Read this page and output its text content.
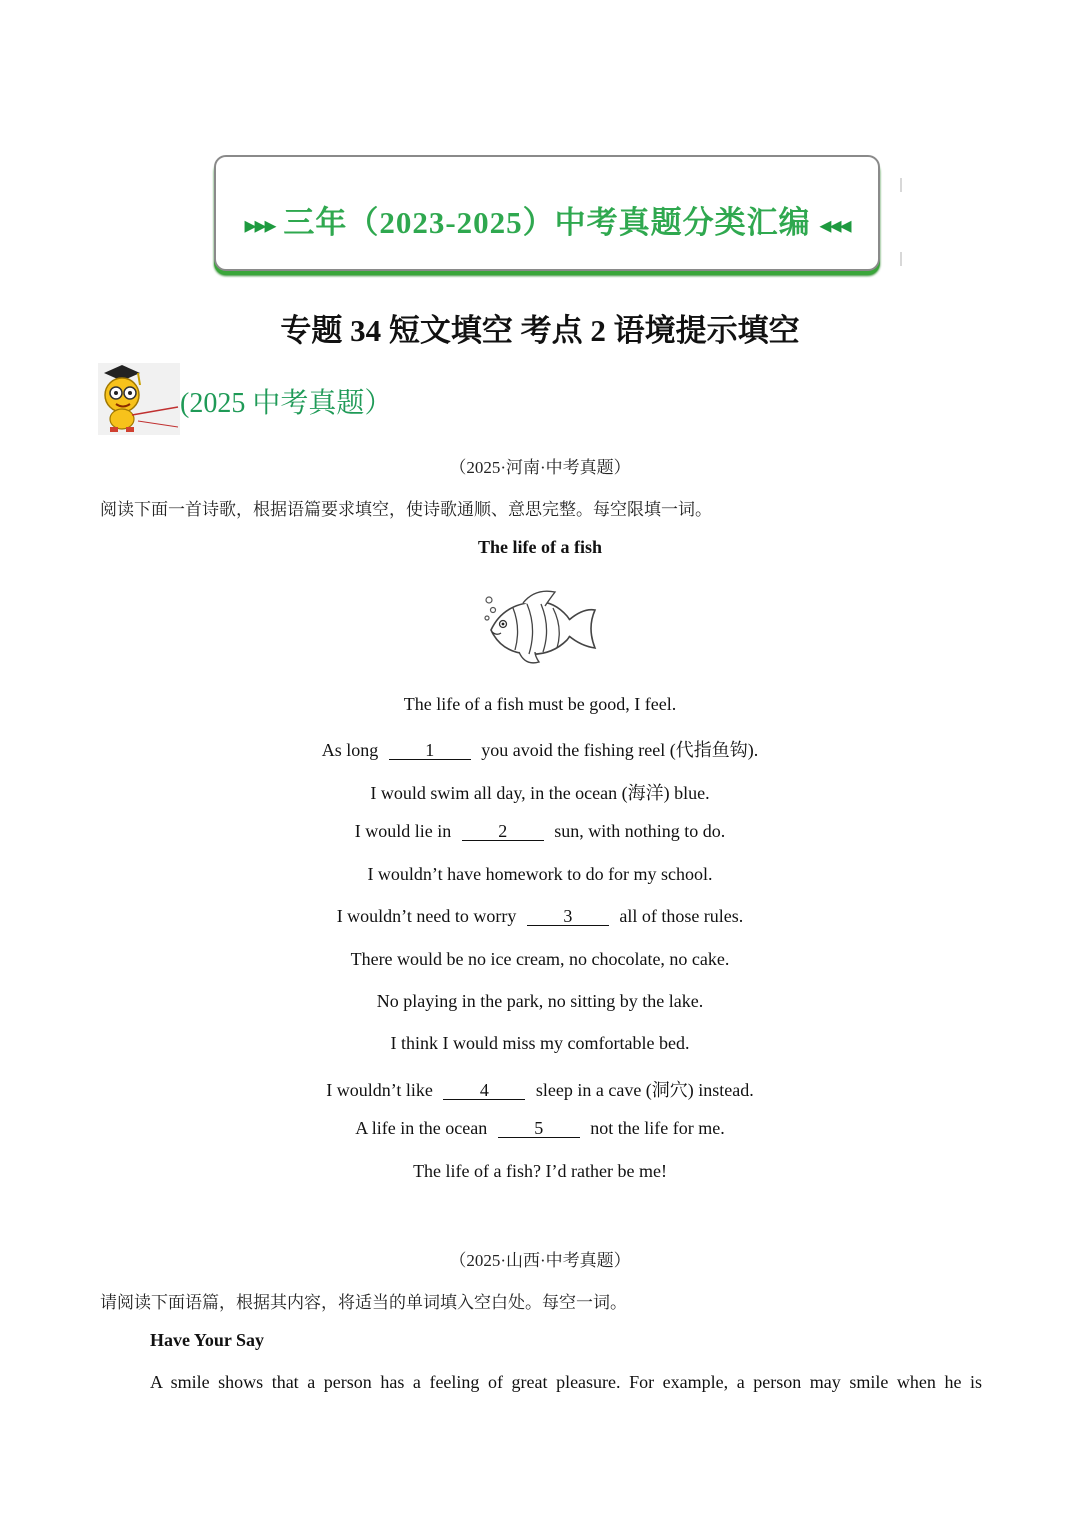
▸▸▸ 三年（2023-2025）中考真题分类汇编 ◂◂◂
专题 34 短文填空 考点 2 语境提示填空
(2025 中考真题）
（2025·河南·中考真题）
阅读下面一首诗歌，根据语篇要求填空，使诗歌通顺、意思完整。每空限填一词。
The life of a fish
The life of a fish must be good, I feel.
As long	1	you avoid the fishing reel (代指鱼钩).
I would swim all day, in the ocean (海洋) blue.
I would lie in	2	sun, with nothing to do.
I wouldn’t have homework to do for my school.
I wouldn’t need to worry	3	all of those rules.
There would be no ice cream, no chocolate, no cake.
No playing in the park, no sitting by the lake.
I think I would miss my comfortable bed.
I wouldn’t like	4	sleep in a cave (洞穴) instead.
A life in the ocean	5	not the life for me.
The life of a fish? I’d rather be me!
（2025·山西·中考真题）
请阅读下面语篇，根据其内容，将适当的单词填入空白处。每空一词。
Have Your Say
A smile shows that a person has a feeling of great pleasure. For example, a person may smile when he is
